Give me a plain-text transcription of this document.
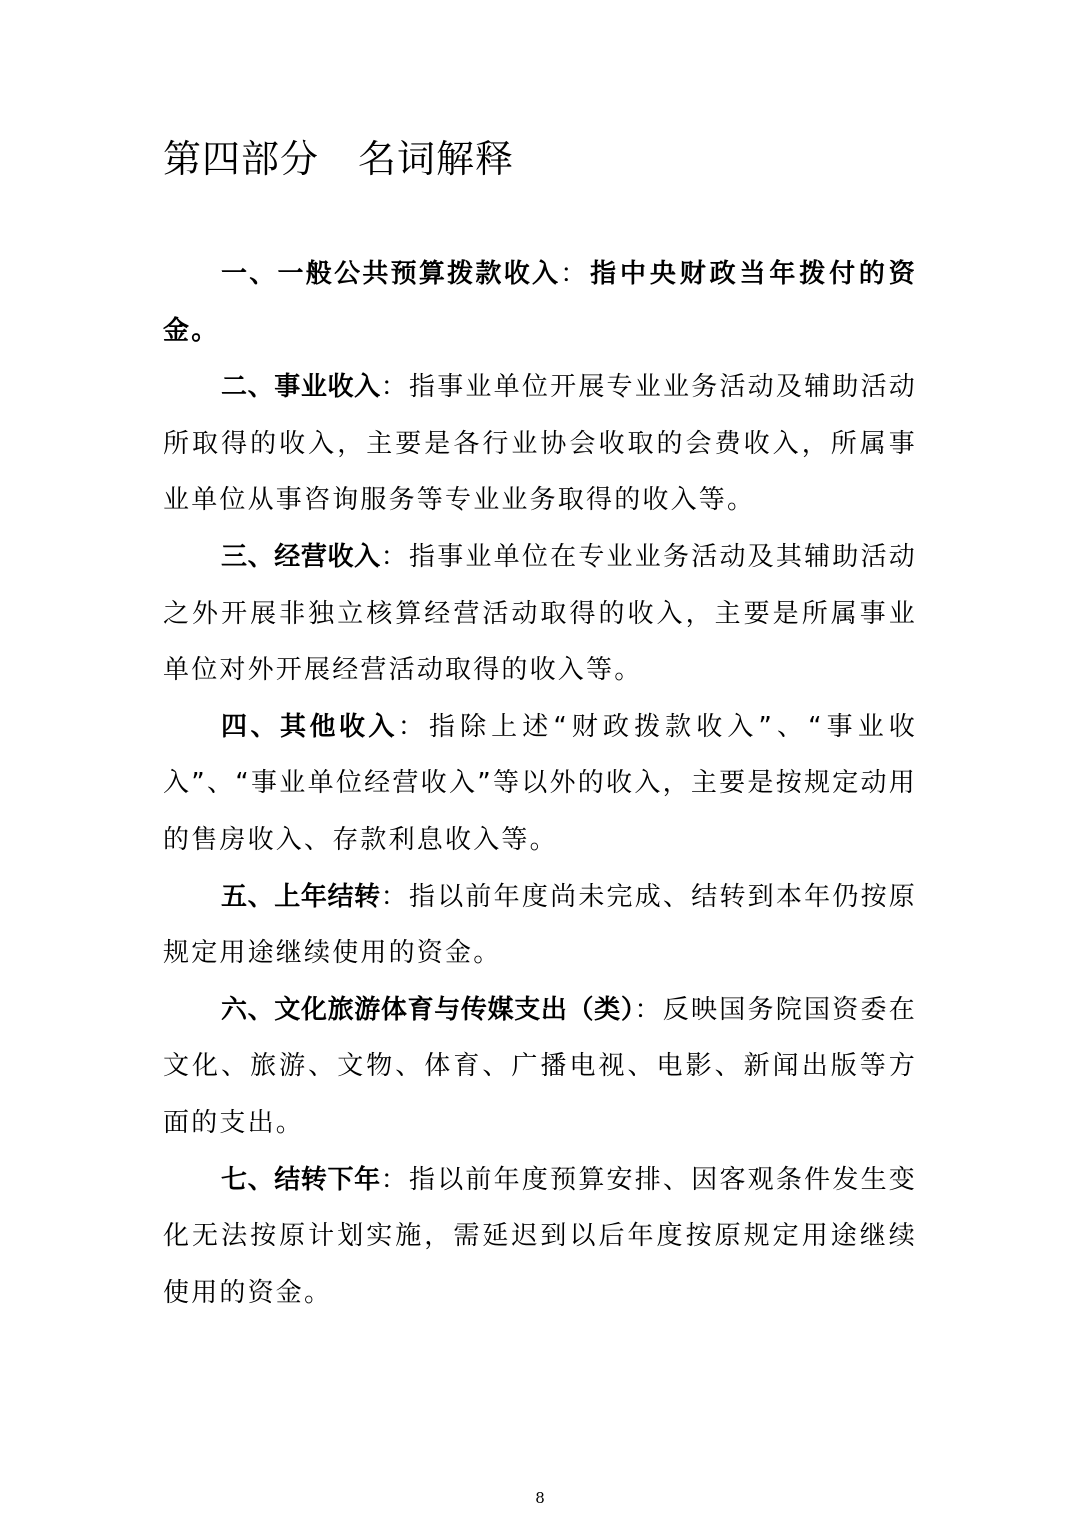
第四部分　名词解释

一、一般公共预算拨款收入：指中央财政当年拨付的资金。

二、事业收入：指事业单位开展专业业务活动及辅助活动所取得的收入，主要是各行业协会收取的会费收入，所属事业单位从事咨询服务等专业业务取得的收入等。

三、经营收入：指事业单位在专业业务活动及其辅助活动之外开展非独立核算经营活动取得的收入，主要是所属事业单位对外开展经营活动取得的收入等。

四、其他收入：指除上述“财政拨款收入”、“事业收入”、“事业单位经营收入”等以外的收入，主要是按规定动用的售房收入、存款利息收入等。

五、上年结转：指以前年度尚未完成、结转到本年仍按原规定用途继续使用的资金。

六、文化旅游体育与传媒支出（类）：反映国务院国资委在文化、旅游、文物、体育、广播电视、电影、新闻出版等方面的支出。

七、结转下年：指以前年度预算安排、因客观条件发生变化无法按原计划实施，需延迟到以后年度按原规定用途继续使用的资金。

8
